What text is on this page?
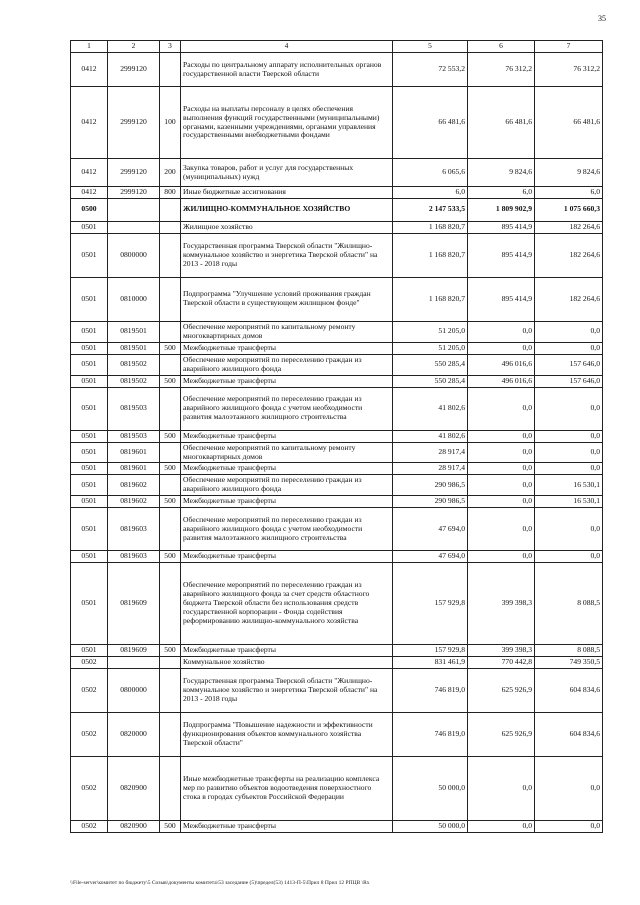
35
1	2	3	4	5	6	7
0412	2999120		Расходы по центральному аппарату исполнительных органов государственной власти Тверской области	72 553,2	76 312,2	76 312,2
0412	2999120	100	Расходы на выплаты персоналу в целях обеспечения выполнения функций государственными (муниципальными) органами, казенными учреждениями, органами управления государственными внебюджетными фондами	66 481,6	66 481,6	66 481,6
0412	2999120	200	Закупка товаров, работ и услуг для государственных (муниципальных) нужд	6 065,6	9 824,6	9 824,6
0412	2999120	800	Иные бюджетные ассигнования	6,0	6,0	6,0
0500			ЖИЛИЩНО-КОММУНАЛЬНОЕ ХОЗЯЙСТВО	2 147 533,5	1 809 902,9	1 075 660,3
0501			Жилищное хозяйство	1 168 820,7	895 414,9	182 264,6
0501	0800000		Государственная программа Тверской области "Жилищно-коммунальное хозяйство и энергетика Тверской области" на 2013 - 2018 годы	1 168 820,7	895 414,9	182 264,6
0501	0810000		Подпрограмма "Улучшение условий проживания граждан Тверской области в существующем жилищном фонде"	1 168 820,7	895 414,9	182 264,6
0501	0819501		Обеспечение мероприятий по капитальному ремонту многоквартирных домов	51 205,0	0,0	0,0
0501	0819501	500	Межбюджетные трансферты	51 205,0	0,0	0,0
0501	0819502		Обеспечение мероприятий по переселению граждан из аварийного жилищного фонда	550 285,4	496 016,6	157 646,0
0501	0819502	500	Межбюджетные трансферты	550 285,4	496 016,6	157 646,0
0501	0819503		Обеспечение мероприятий по переселению граждан из аварийного жилищного фонда с учетом необходимости развития малоэтажного жилищного строительства	41 802,6	0,0	0,0
0501	0819503	500	Межбюджетные трансферты	41 802,6	0,0	0,0
0501	0819601		Обеспечение мероприятий по капитальному ремонту многоквартирных домов	28 917,4	0,0	0,0
0501	0819601	500	Межбюджетные трансферты	28 917,4	0,0	0,0
0501	0819602		Обеспечение мероприятий по переселению граждан из аварийного жилищного фонда	290 986,5	0,0	16 530,1
0501	0819602	500	Межбюджетные трансферты	290 986,5	0,0	16 530,1
0501	0819603		Обеспечение мероприятий по переселению граждан из аварийного жилищного фонда с учетом необходимости развития малоэтажного жилищного строительства	47 694,0	0,0	0,0
0501	0819603	500	Межбюджетные трансферты	47 694,0	0,0	0,0
0501	0819609		Обеспечение мероприятий по переселению граждан из аварийного жилищного фонда за счет средств областного бюджета Тверской области без использования средств государственной корпорации - Фонда содействия реформированию жилищно-коммунального хозяйства	157 929,8	399 398,3	8 088,5
0501	0819609	500	Межбюджетные трансферты	157 929,8	399 398,3	8 088,5
0502			Коммунальное хозяйство	831 461,9	770 442,8	749 350,5
0502	0800000		Государственная программа Тверской области "Жилищно-коммунальное хозяйство и энергетика Тверской области" на 2013 - 2018 годы	746 819,0	625 926,9	604 834,6
0502	0820000		Подпрограмма "Повышение надежности и эффективности функционирования объектов коммунального хозяйства Тверской области"	746 819,0	625 926,9	604 834,6
0502	0820900		Иные межбюджетные трансферты на реализацию комплекса мер по развитию объектов водоотведения поверхностного стока в городах субъектов Российской Федерации	50 000,0	0,0	0,0
0502	0820900	500	Межбюджетные трансферты	50 000,0	0,0	0,0
\\File-server\комитет по бюджету\5 Созыв\документы комитета\53 заседание (5)\предел(53) 1413-П-5\Прил 8 Прил 12 РПЦВ \Rx
